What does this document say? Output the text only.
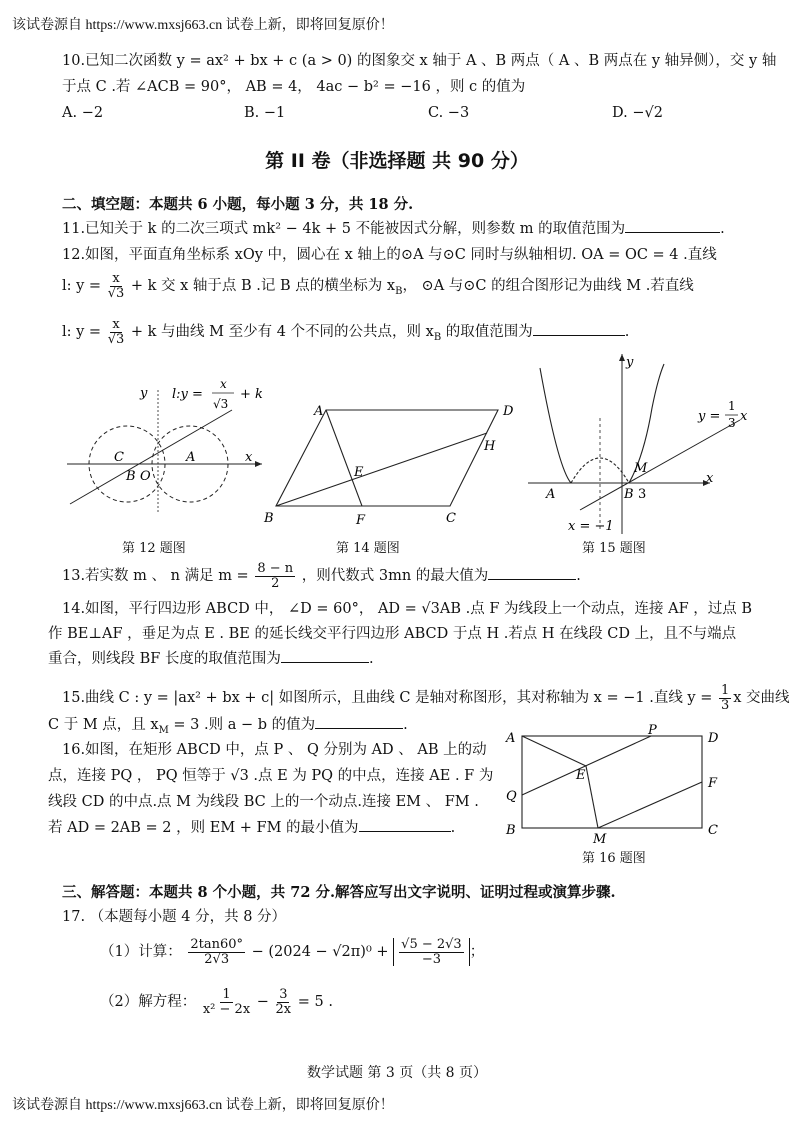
该试卷源自 https://www.mxsj663.cn 试卷上新，即将回复原价！
10.已知二次函数 y = ax² + bx + c (a > 0) 的图象交 x 轴于 A 、B 两点（ A 、B 两点在 y 轴异侧），交 y 轴
于点 C .若 ∠ACB = 90°， AB = 4， 4ac − b² = −16 ，则 c 的值为
A. −2	B. −1	C. −3	D. −√2
第 II 卷（非选择题 共 90 分）
二、填空题：本题共 6 小题，每小题 3 分，共 18 分.
11.已知关于 k 的二次三项式 mk² − 4k + 5 不能被因式分解，则参数 m 的取值范围为	.
12.如图，平面直角坐标系 xOy 中，圆心在 x 轴上的⊙A 与⊙C 同时与纵轴相切. OA = OC = 4 .直线
l: $y = \frac{x}{√3} + k$ 交 x 轴于点 B .记 B 点的横坐标为 $x_B$， ⊙A 与⊙C 的组合图形记为曲线 M .若直线
l: $y = \frac{x}{√3} + k$ 与曲线 M 至少有 4 个不同的公共点，则 $x_B$ 的取值范围为	.
y l:y =
x
√3
+ k
C
B O
A	x
第 12 题图
A	D
H
E
B	F	C
第 14 题图
y
y =
1
3 x
M
A	B 3
x
x = −1
第 15 题图
13.若实数 m 、 n 满足 $m = \frac{8 - n}{2}$ ，则代数式 3mn 的最大值为	.
14.如图，平行四边形 ABCD 中， ∠D = 60°， AD = √3AB .点 F 为线段上一个动点，连接 AF ，过点 B
作 BE⊥AF ，垂足为点 E . BE 的延长线交平行四边形 ABCD 于点 H .若点 H 在线段 CD 上，且不与端点
重合，则线段 BF 长度的取值范围为	.
15.曲线 C : y = |ax² + bx + c| 如图所示，且曲线 C 是轴对称图形，其对称轴为 x = −1 .直线 $y = \frac{1}{3}$ x 交曲线
C 于 M 点，且 $x_M = 3$ .则 a − b 的值为	.
16.如图，在矩形 ABCD 中，点 P 、 Q 分别为 AD 、 AB 上的动
点，连接 PQ ， PQ 恒等于 √3 .点 E 为 PQ 的中点，连接 AE . F 为
线段 CD 的中点.点 M 为线段 BC 上的一个动点.连接 EM 、 FM .
若 AD = 2AB = 2 ，则 EM + FM 的最小值为	.
A
P
D
E
F
Q
B
M
C
第 16 题图
三、解答题：本题共 8 个小题，共 72 分.解答应写出文字说明、证明过程或演算步骤.
17. （本题每小题 4 分，共 8 分）
（1）计算： $\frac{2\tan 60^\circ}{2√3} - (2024 - √2\pi)^0 + \frac{√5 - 2√3}{-3}$ ；
（2）解方程： $\frac{1}{\text{x² − 2x}} - \frac{3}{2x} = 5$ .
数学试题 第 3 页（共 8 页）
该试卷源自 https://www.mxsj663.cn 试卷上新，即将回复原价！
